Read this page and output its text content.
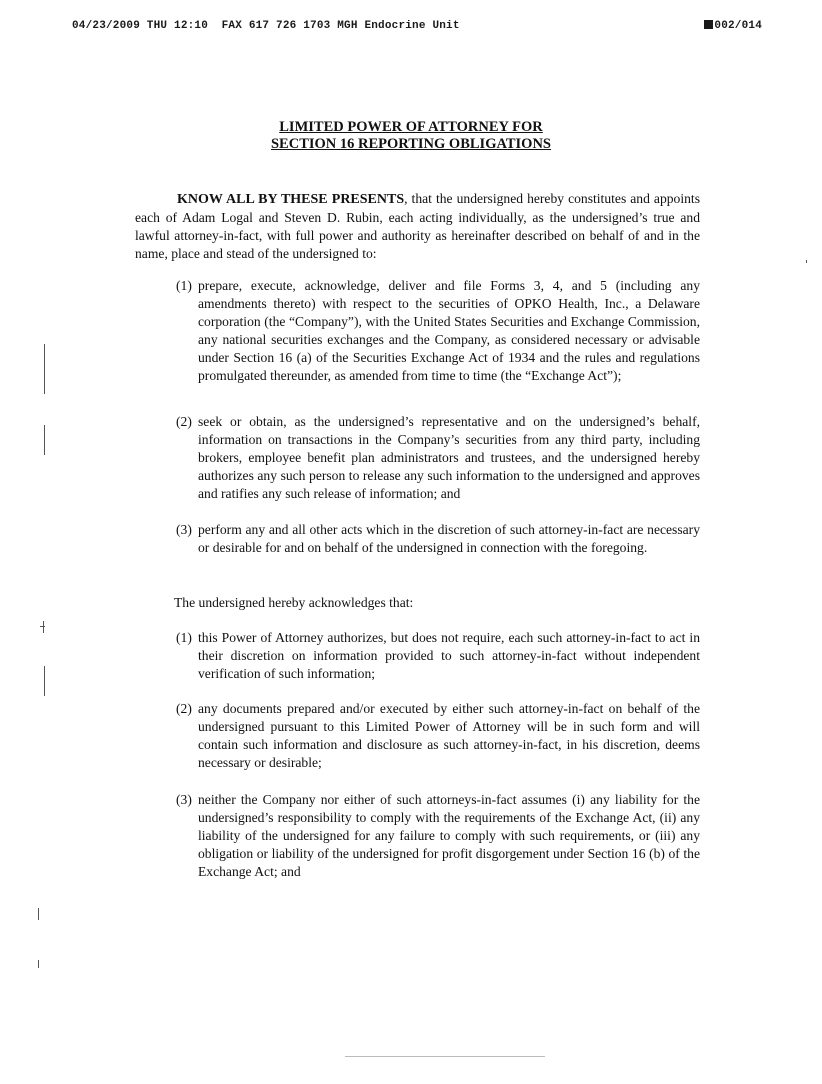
04/23/2009 THU 12:10  FAX 617 726 1703 MGH Endocrine Unit	002/014
LIMITED POWER OF ATTORNEY FOR
SECTION 16 REPORTING OBLIGATIONS
KNOW ALL BY THESE PRESENTS, that the undersigned hereby constitutes and appoints each of Adam Logal and Steven D. Rubin, each acting individually, as the undersigned’s true and lawful attorney-in-fact, with full power and authority as hereinafter described on behalf of and in the name, place and stead of the undersigned to:
(1) prepare, execute, acknowledge, deliver and file Forms 3, 4, and 5 (including any amendments thereto) with respect to the securities of OPKO Health, Inc., a Delaware corporation (the “Company”), with the United States Securities and Exchange Commission, any national securities exchanges and the Company, as considered necessary or advisable under Section 16 (a) of the Securities Exchange Act of 1934 and the rules and regulations promulgated thereunder, as amended from time to time (the “Exchange Act”);
(2) seek or obtain, as the undersigned’s representative and on the undersigned’s behalf, information on transactions in the Company’s securities from any third party, including brokers, employee benefit plan administrators and trustees, and the undersigned hereby authorizes any such person to release any such information to the undersigned and approves and ratifies any such release of information; and
(3) perform any and all other acts which in the discretion of such attorney-in-fact are necessary or desirable for and on behalf of the undersigned in connection with the foregoing.
The undersigned hereby acknowledges that:
(1) this Power of Attorney authorizes, but does not require, each such attorney-in-fact to act in their discretion on information provided to such attorney-in-fact without independent verification of such information;
(2) any documents prepared and/or executed by either such attorney-in-fact on behalf of the undersigned pursuant to this Limited Power of Attorney will be in such form and will contain such information and disclosure as such attorney-in-fact, in his discretion, deems necessary or desirable;
(3) neither the Company nor either of such attorneys-in-fact assumes (i) any liability for the undersigned’s responsibility to comply with the requirements of the Exchange Act, (ii) any liability of the undersigned for any failure to comply with such requirements, or (iii) any obligation or liability of the undersigned for profit disgorgement under Section 16 (b) of the Exchange Act; and
